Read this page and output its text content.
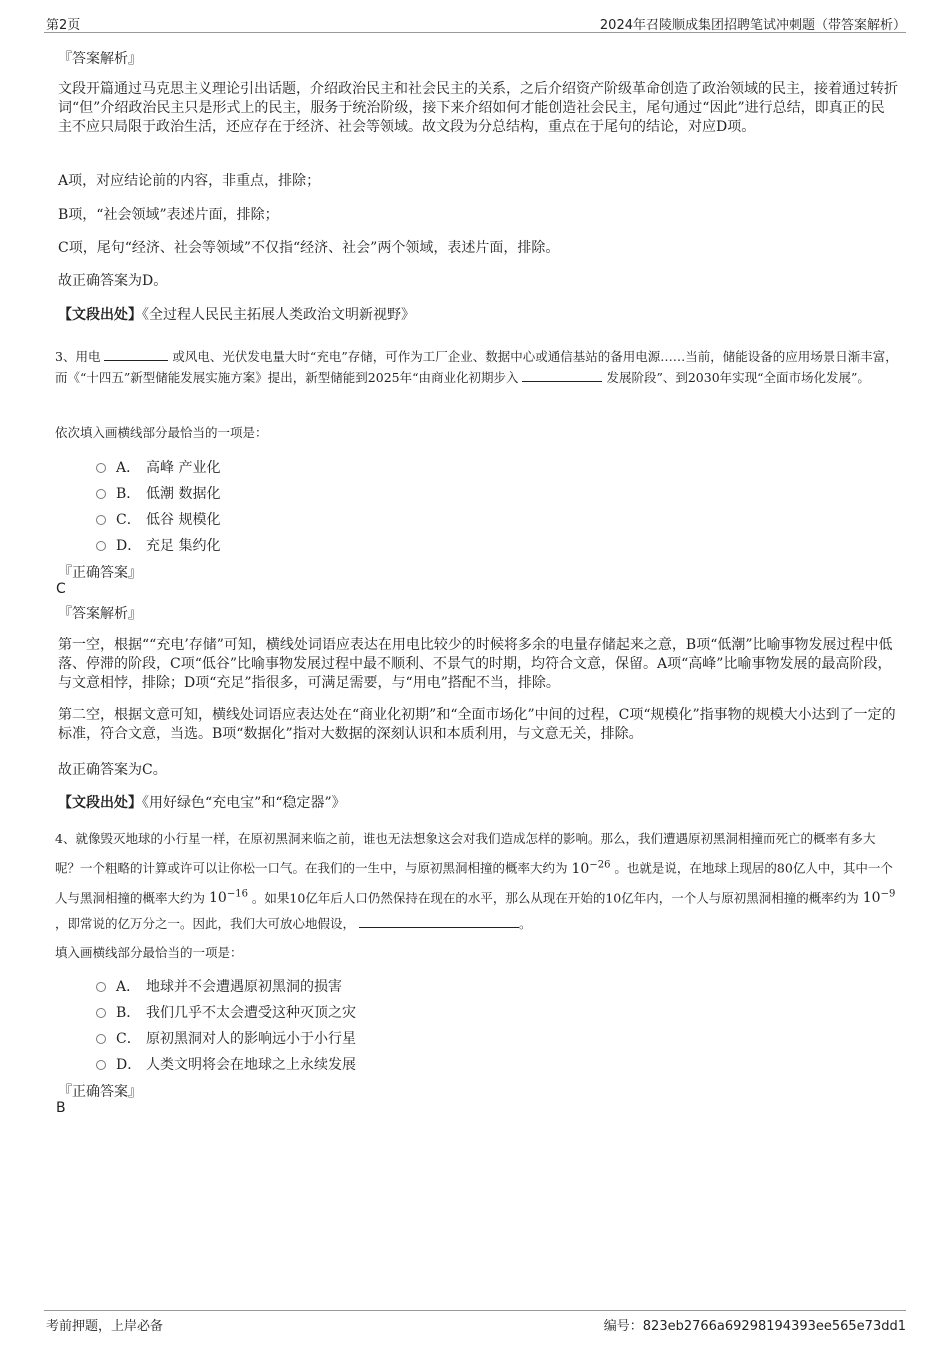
第2页	2024年召陵顺成集团招聘笔试冲刺题（带答案解析）
『答案解析』
文段开篇通过马克思主义理论引出话题，介绍政治民主和社会民主的关系，之后介绍资产阶级革命创造了政治领域的民主，接着通过转折词“但”介绍政治民主只是形式上的民主，服务于统治阶级，接下来介绍如何才能创造社会民主，尾句通过“因此”进行总结，即真正的民主不应只局限于政治生活，还应存在于经济、社会等领域。故文段为分总结构，重点在于尾句的结论，对应D项。
A项，对应结论前的内容，非重点，排除；
B项，“社会领域”表述片面，排除；
C项，尾句“经济、社会等领域”不仅指“经济、社会”两个领域，表述片面，排除。
故正确答案为D。
【文段出处】《全过程人民民主拓展人类政治文明新视野》
3、用电	或风电、光伏发电量大时“充电”存储，可作为工厂企业、数据中心或通信基站的备用电源……当前，储能设备的应用场景日渐丰富，而《“十四五”新型储能发展实施方案》提出，新型储能到2025年“由商业化初期步入	发展阶段”、到2030年实现“全面市场化发展”。
依次填入画横线部分最恰当的一项是：
A． 高峰 产业化
B． 低潮 数据化
C． 低谷 规模化
D． 充足 集约化
『正确答案』
C
『答案解析』
第一空，根据““充电’存储”可知，横线处词语应表达在用电比较少的时候将多余的电量存储起来之意，B项“低潮”比喻事物发展过程中低落、停滞的阶段，C项“低谷”比喻事物发展过程中最不顺利、不景气的时期，均符合文意，保留。A项“高峰”比喻事物发展的最高阶段，与文意相悖，排除；D项“充足”指很多，可满足需要，与“用电”搭配不当，排除。
第二空，根据文意可知，横线处词语应表达处在“商业化初期”和“全面市场化”中间的过程，C项“规模化”指事物的规模大小达到了一定的标准，符合文意，当选。B项“数据化”指对大数据的深刻认识和本质利用，与文意无关，排除。
故正确答案为C。
【文段出处】《用好绿色“充电宝”和“稳定器”》
4、就像毁灭地球的小行星一样，在原初黑洞来临之前，谁也无法想象这会对我们造成怎样的影响。那么，我们遭遇原初黑洞相撞而死亡的概率有多大呢？一个粗略的计算或许可以让你松一口气。在我们的一生中，与原初黑洞相撞的概率大约为 $10^{-26}$ 。也就是说，在地球上现居的80亿人中，其中一个人与黑洞相撞的概率大约为 $10^{-16}$ 。如果10亿年后人口仍然保持在现在的水平，那么从现在开始的10亿年内，一个人与原初黑洞相撞的概率约为 $10^{-9}$ ，即常说的亿万分之一。因此，我们大可放心地假设，	。
填入画横线部分最恰当的一项是：
A． 地球并不会遭遇原初黑洞的损害
B． 我们几乎不太会遭受这种灭顶之灾
C． 原初黑洞对人的影响远小于小行星
D． 人类文明将会在地球之上永续发展
『正确答案』
B
考前押题，上岸必备	编号：823eb2766a69298194393ee565e73dd1
